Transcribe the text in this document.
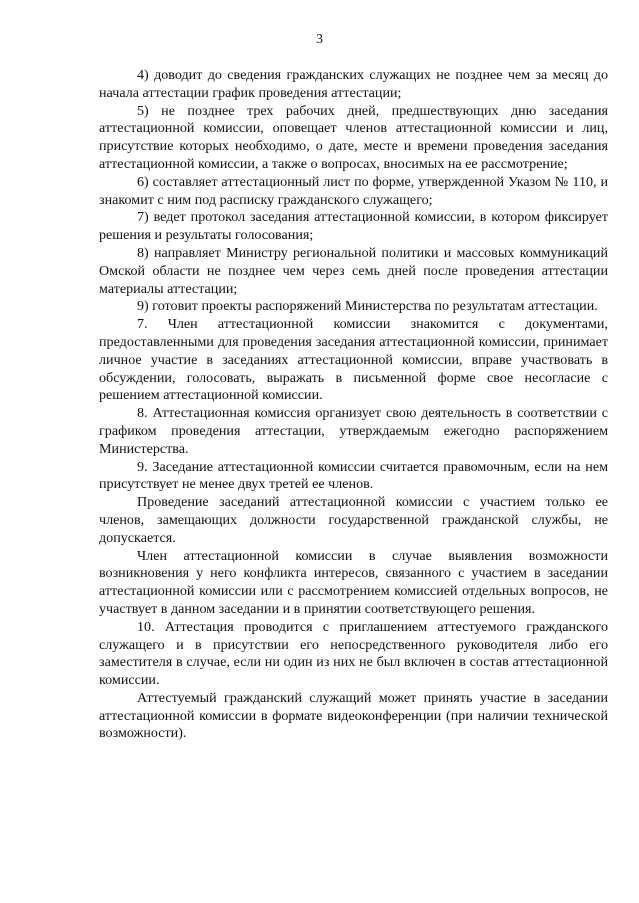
3

4) доводит до сведения гражданских служащих не позднее чем за месяц до начала аттестации график проведения аттестации;

5) не позднее трех рабочих дней, предшествующих дню заседания аттестационной комиссии, оповещает членов аттестационной комиссии и лиц, присутствие которых необходимо, о дате, месте и времени проведения заседания аттестационной комиссии, а также о вопросах, вносимых на ее рассмотрение;

6) составляет аттестационный лист по форме, утвержденной Указом № 110, и знакомит с ним под расписку гражданского служащего;

7) ведет протокол заседания аттестационной комиссии, в котором фиксирует решения и результаты голосования;

8) направляет Министру региональной политики и массовых коммуникаций Омской области не позднее чем через семь дней после проведения аттестации материалы аттестации;

9) готовит проекты распоряжений Министерства по результатам аттестации.

7. Член аттестационной комиссии знакомится с документами, предоставленными для проведения заседания аттестационной комиссии, принимает личное участие в заседаниях аттестационной комиссии, вправе участвовать в обсуждении, голосовать, выражать в письменной форме свое несогласие с решением аттестационной комиссии.

8. Аттестационная комиссия организует свою деятельность в соответствии с графиком проведения аттестации, утверждаемым ежегодно распоряжением Министерства.

9. Заседание аттестационной комиссии считается правомочным, если на нем присутствует не менее двух третей ее членов.

Проведение заседаний аттестационной комиссии с участием только ее членов, замещающих должности государственной гражданской службы, не допускается.

Член аттестационной комиссии в случае выявления возможности возникновения у него конфликта интересов, связанного с участием в заседании аттестационной комиссии или с рассмотрением комиссией отдельных вопросов, не участвует в данном заседании и в принятии соответствующего решения.

10. Аттестация проводится с приглашением аттестуемого гражданского служащего и в присутствии его непосредственного руководителя либо его заместителя в случае, если ни один из них не был включен в состав аттестационной комиссии.

Аттестуемый гражданский служащий может принять участие в заседании аттестационной комиссии в формате видеоконференции (при наличии технической возможности).
